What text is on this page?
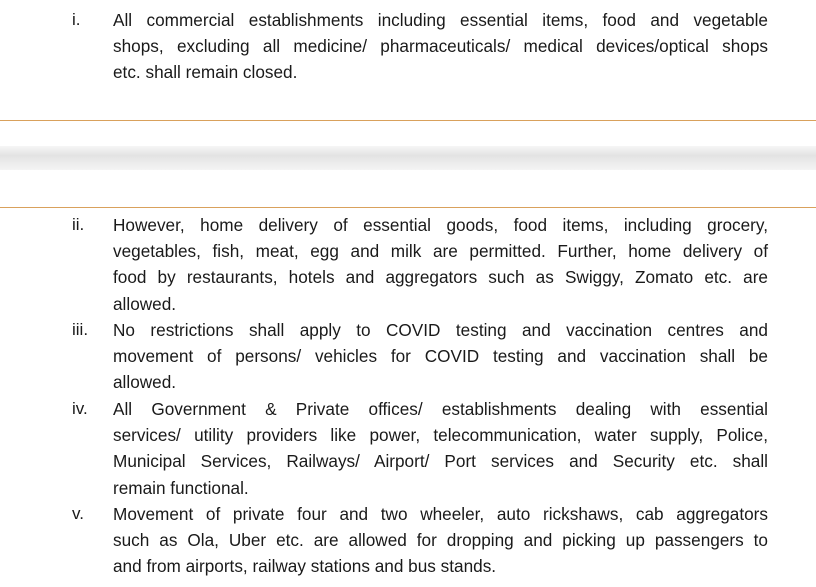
i. All commercial establishments including essential items, food and vegetable
shops, excluding all medicine/ pharmaceuticals/ medical devices/optical shops
etc. shall remain closed.
ii. However, home delivery of essential goods, food items, including grocery,
vegetables, fish, meat, egg and milk are permitted. Further, home delivery of
food by restaurants, hotels and aggregators such as Swiggy, Zomato etc. are
allowed.
iii. No restrictions shall apply to COVID testing and vaccination centres and
movement of persons/ vehicles for COVID testing and vaccination shall be
allowed.
iv. All Government & Private offices/ establishments dealing with essential
services/ utility providers like power, telecommunication, water supply, Police,
Municipal Services, Railways/ Airport/ Port services and Security etc. shall
remain functional.
v. Movement of private four and two wheeler, auto rickshaws, cab aggregators
such as Ola, Uber etc. are allowed for dropping and picking up passengers to
and from airports, railway stations and bus stands.
